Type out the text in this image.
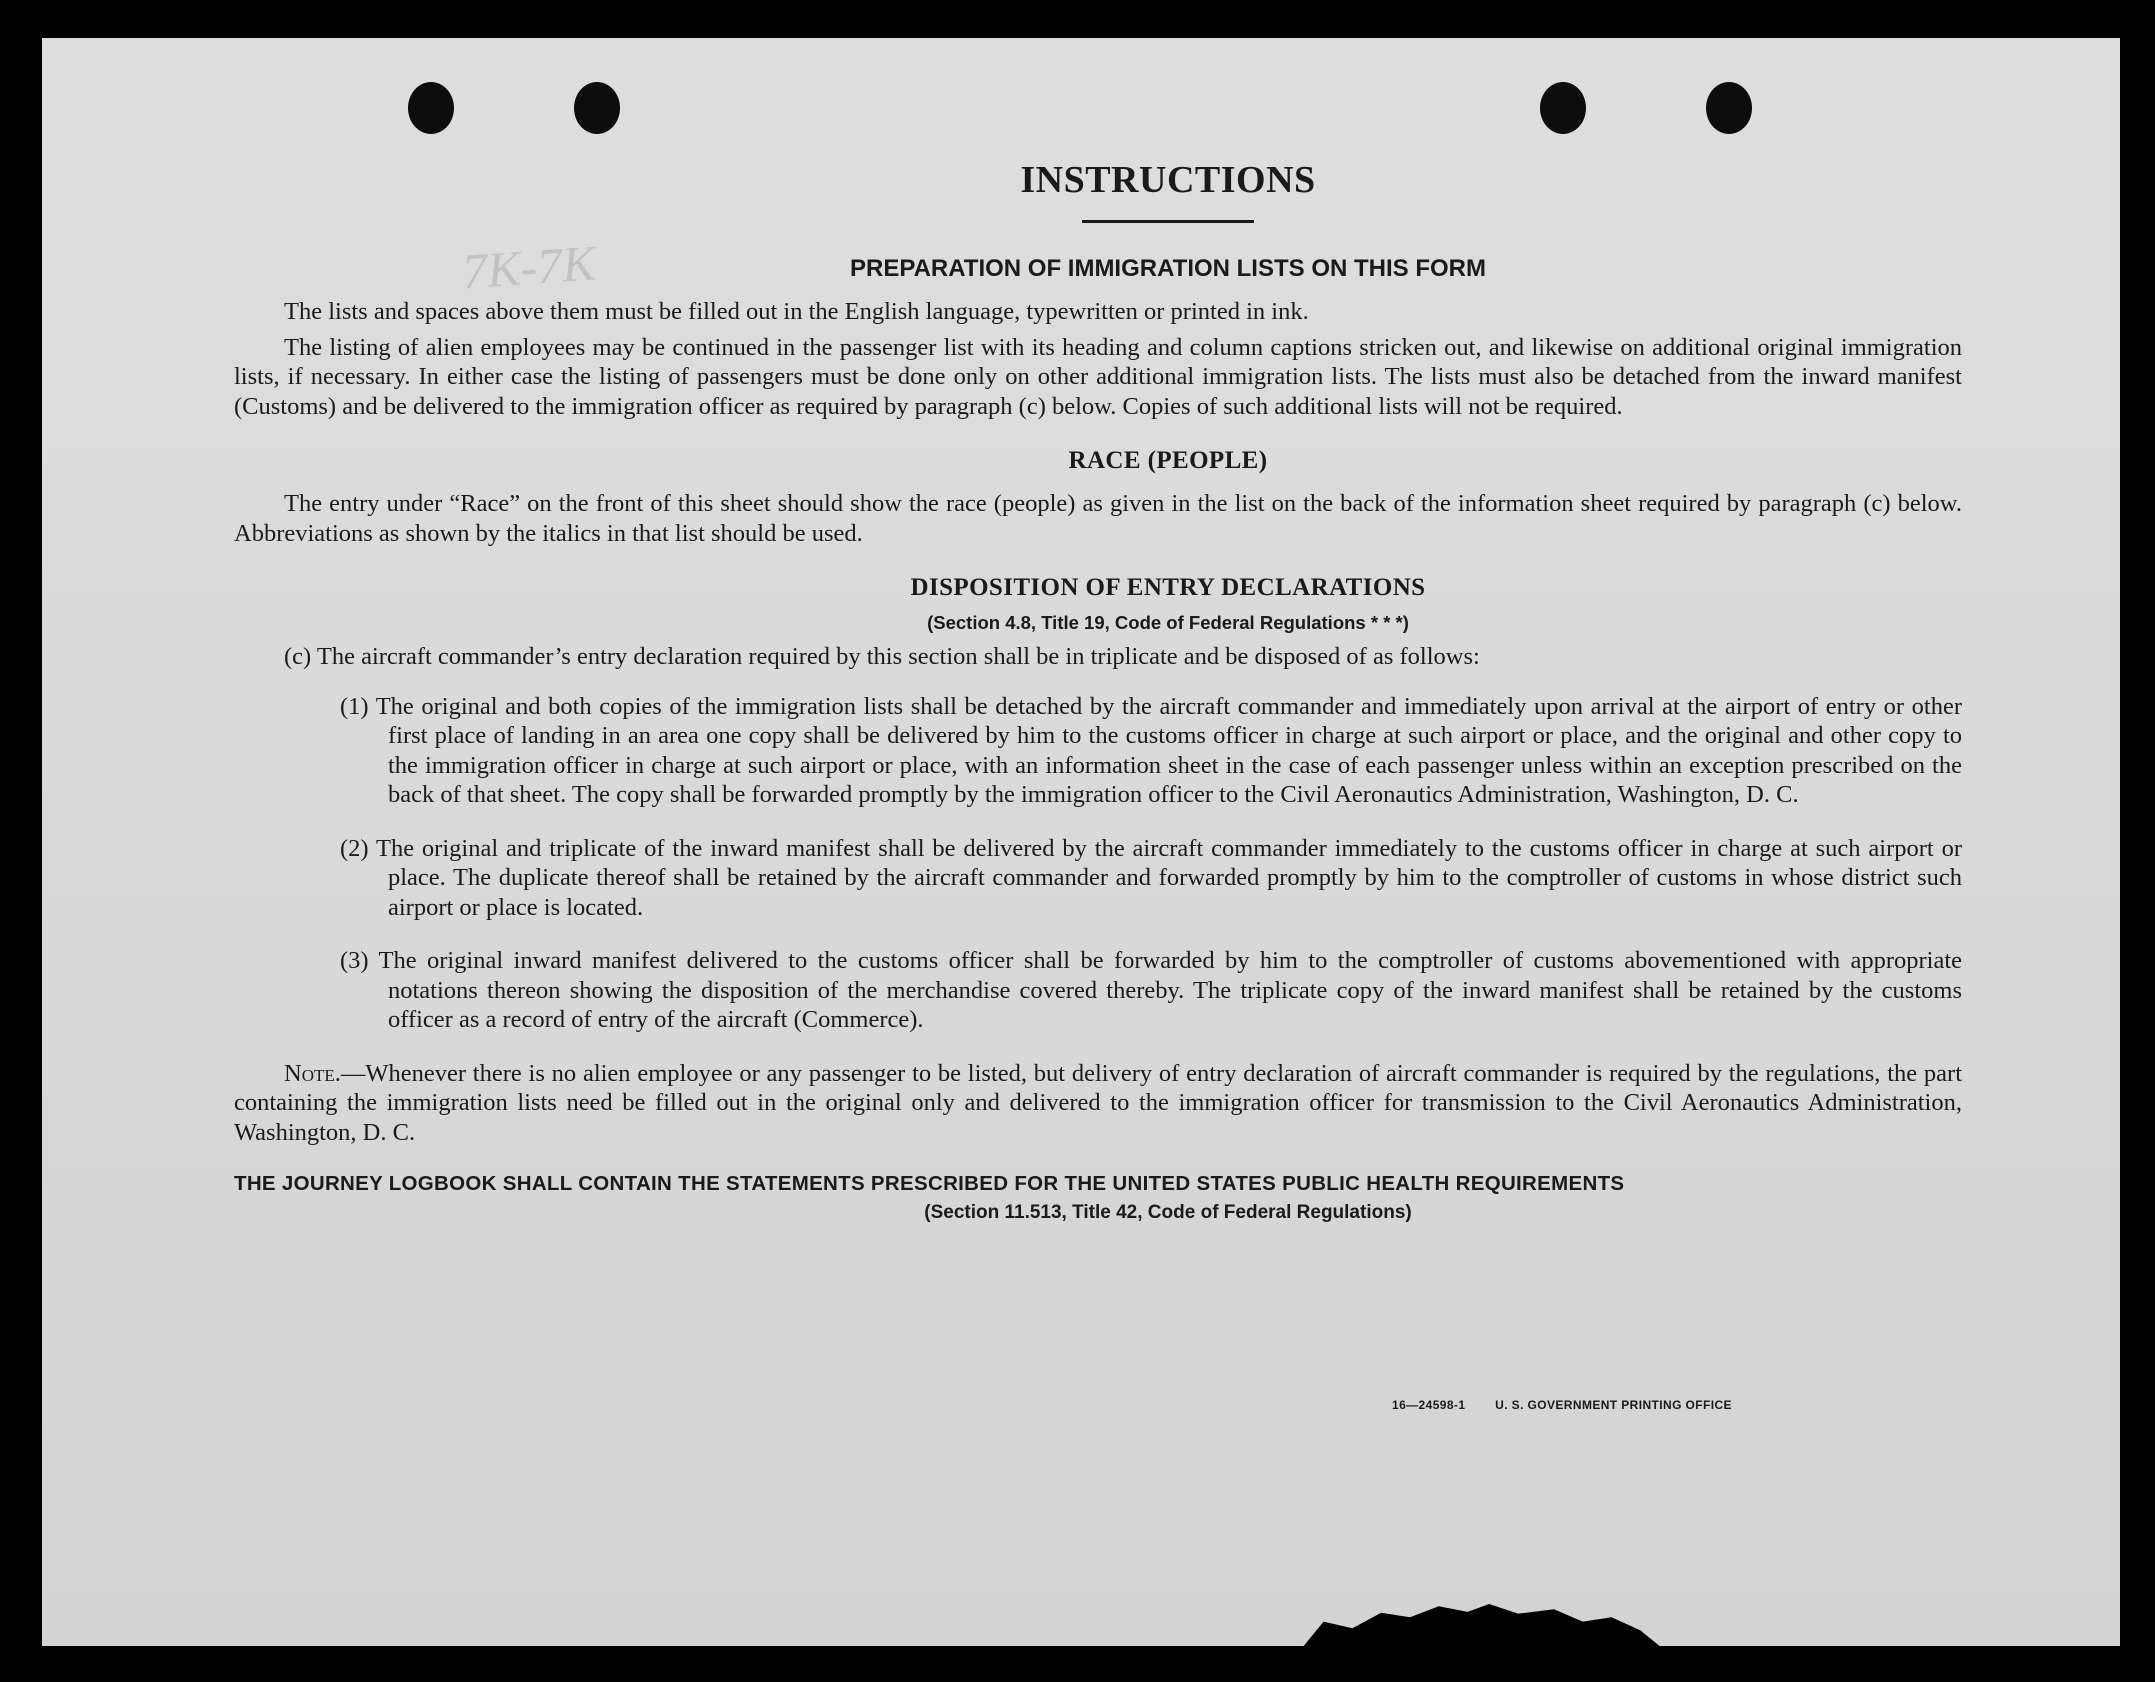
7K-7K
INSTRUCTIONS
PREPARATION OF IMMIGRATION LISTS ON THIS FORM

The lists and spaces above them must be filled out in the English language, typewritten or printed in ink.

The listing of alien employees may be continued in the passenger list with its heading and column captions stricken out, and likewise on additional original immigration lists, if necessary. In either case the listing of passengers must be done only on other additional immigration lists. The lists must also be detached from the inward manifest (Customs) and be delivered to the immigration officer as required by paragraph (c) below. Copies of such additional lists will not be required.

RACE (PEOPLE)

The entry under “Race” on the front of this sheet should show the race (people) as given in the list on the back of the information sheet required by paragraph (c) below. Abbreviations as shown by the italics in that list should be used.

DISPOSITION OF ENTRY DECLARATIONS
(Section 4.8, Title 19, Code of Federal Regulations * * *)

(c) The aircraft commander’s entry declaration required by this section shall be in triplicate and be disposed of as follows:

(1) The original and both copies of the immigration lists shall be detached by the aircraft commander and immediately upon arrival at the airport of entry or other first place of landing in an area one copy shall be delivered by him to the customs officer in charge at such airport or place, and the original and other copy to the immigration officer in charge at such airport or place, with an information sheet in the case of each passenger unless within an exception prescribed on the back of that sheet. The copy shall be forwarded promptly by the immigration officer to the Civil Aeronautics Administration, Washington, D. C.

(2) The original and triplicate of the inward manifest shall be delivered by the aircraft commander immediately to the customs officer in charge at such airport or place. The duplicate thereof shall be retained by the aircraft commander and forwarded promptly by him to the comptroller of customs in whose district such airport or place is located.

(3) The original inward manifest delivered to the customs officer shall be forwarded by him to the comptroller of customs abovementioned with appropriate notations thereon showing the disposition of the merchandise covered thereby. The triplicate copy of the inward manifest shall be retained by the customs officer as a record of entry of the aircraft (Commerce).

Note.—Whenever there is no alien employee or any passenger to be listed, but delivery of entry declaration of aircraft commander is required by the regulations, the part containing the immigration lists need be filled out in the original only and delivered to the immigration officer for transmission to the Civil Aeronautics Administration, Washington, D. C.

THE JOURNEY LOGBOOK SHALL CONTAIN THE STATEMENTS PRESCRIBED FOR THE UNITED STATES PUBLIC HEALTH REQUIREMENTS
(Section 11.513, Title 42, Code of Federal Regulations)
16—24598-1 U. S. GOVERNMENT PRINTING OFFICE
